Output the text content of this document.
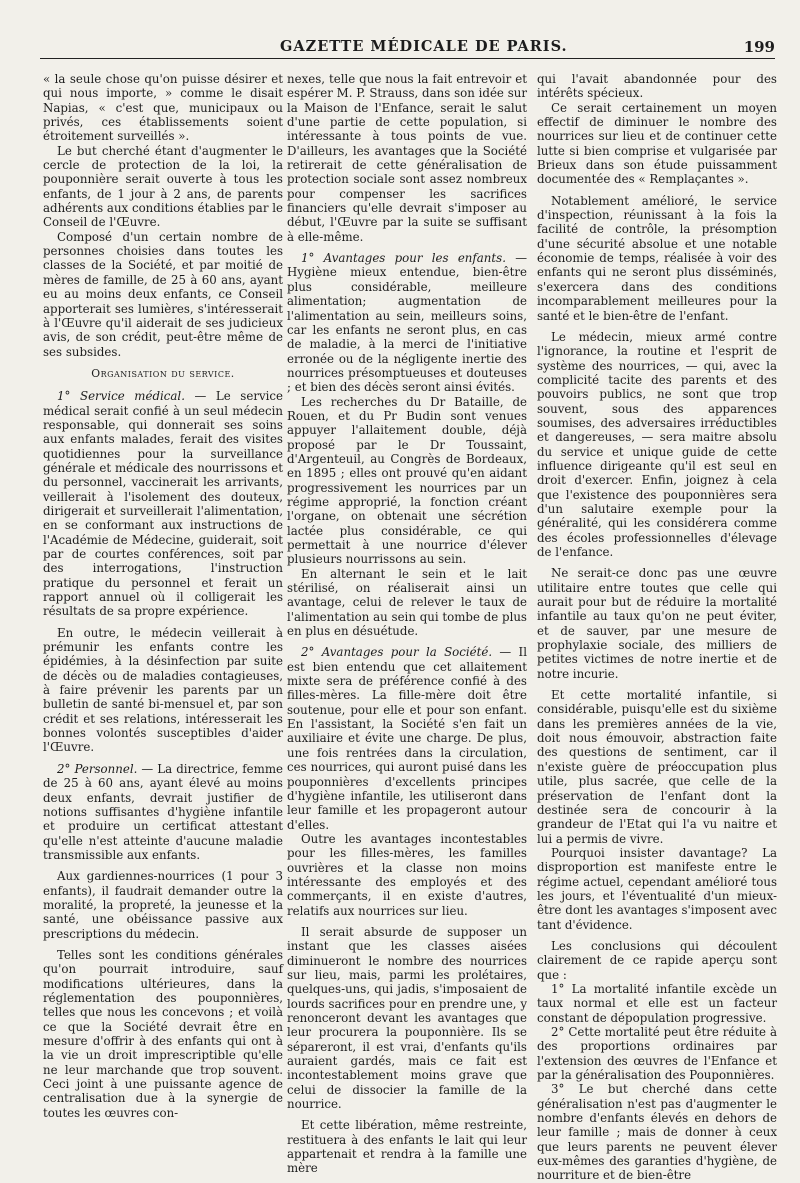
GAZETTE MÉDICALE DE PARIS.	199

« la seule chose qu'on puisse désirer et qui nous importe, » comme le disait Napias, « c'est que, municipaux ou privés, ces établissements soient étroitement surveillés ».

Le but cherché étant d'augmenter le cercle de protection de la loi, la pouponnière serait ouverte à tous les enfants, de 1 jour à 2 ans, de parents adhérents aux conditions établies par le Conseil de l'Œuvre.

Composé d'un certain nombre de personnes choisies dans toutes les classes de la Société, et par moitié de mères de famille, de 25 à 60 ans, ayant eu au moins deux enfants, ce Conseil apporterait ses lumières, s'intéresserait à l'Œuvre qu'il aiderait de ses judicieux avis, de son crédit, peut-être même de ses subsides.

Organisation du service.

1° Service médical. — Le service médical serait confié à un seul médecin responsable, qui donnerait ses soins aux enfants malades, ferait des visites quotidiennes pour la surveillance générale et médicale des nourrissons et du personnel, vaccinerait les arrivants, veillerait à l'isolement des douteux, dirigerait et surveillerait l'alimentation, en se conformant aux instructions de l'Académie de Médecine, guiderait, soit par de courtes conférences, soit par des interrogations, l'instruction pratique du personnel et ferait un rapport annuel où il colligerait les résultats de sa propre expérience.

En outre, le médecin veillerait à prémunir les enfants contre les épidémies, à la désinfection par suite de décès ou de maladies contagieuses, à faire prévenir les parents par un bulletin de santé bi-mensuel et, par son crédit et ses relations, intéresserait les bonnes volontés susceptibles d'aider l'Œuvre.

2° Personnel. — La directrice, femme de 25 à 60 ans, ayant élevé au moins deux enfants, devrait justifier de notions suffisantes d'hygiène infantile et produire un certificat attestant qu'elle n'est atteinte d'aucune maladie transmissible aux enfants.

Aux gardiennes-nourrices (1 pour 3 enfants), il faudrait demander outre la moralité, la propreté, la jeunesse et la santé, une obéissance passive aux prescriptions du médecin.

Telles sont les conditions générales qu'on pourrait introduire, sauf modifications ultérieures, dans la réglementation des pouponnières, telles que nous les concevons ; et voilà ce que la Société devrait être en mesure d'offrir à des enfants qui ont à la vie un droit imprescriptible qu'elle ne leur marchande que trop souvent. Ceci joint à une puissante agence de centralisation due à la synergie de toutes les œuvres con-

nexes, telle que nous la fait entrevoir et espérer M. P. Strauss, dans son idée sur la Maison de l'Enfance, serait le salut d'une partie de cette population, si intéressante à tous points de vue. D'ailleurs, les avantages que la Société retirerait de cette généralisation de protection sociale sont assez nombreux pour compenser les sacrifices financiers qu'elle devrait s'imposer au début, l'Œuvre par la suite se suffisant à elle-même.

1° Avantages pour les enfants. — Hygiène mieux entendue, bien-être plus considérable, meilleure alimentation; augmentation de l'alimentation au sein, meilleurs soins, car les enfants ne seront plus, en cas de maladie, à la merci de l'initiative erronée ou de la négligente inertie des nourrices présomptueuses et douteuses ; et bien des décès seront ainsi évités.

Les recherches du Dr Bataille, de Rouen, et du Pr Budin sont venues appuyer l'allaitement double, déjà proposé par le Dr Toussaint, d'Argenteuil, au Congrès de Bordeaux, en 1895 ; elles ont prouvé qu'en aidant progressivement les nourrices par un régime approprié, la fonction créant l'organe, on obtenait une sécrétion lactée plus considérable, ce qui permettait à une nourrice d'élever plusieurs nourrissons au sein.

En alternant le sein et le lait stérilisé, on réaliserait ainsi un avantage, celui de relever le taux de l'alimentation au sein qui tombe de plus en plus en désuétude.

2° Avantages pour la Société. — Il est bien entendu que cet allaitement mixte sera de préférence confié à des filles-mères. La fille-mère doit être soutenue, pour elle et pour son enfant. En l'assistant, la Société s'en fait un auxiliaire et évite une charge. De plus, une fois rentrées dans la circulation, ces nourrices, qui auront puisé dans les pouponnières d'excellents principes d'hygiène infantile, les utiliseront dans leur famille et les propageront autour d'elles.

Outre les avantages incontestables pour les filles-mères, les familles ouvrières et la classe non moins intéressante des employés et des commerçants, il en existe d'autres, relatifs aux nourrices sur lieu.

Il serait absurde de supposer un instant que les classes aisées diminueront le nombre des nourrices sur lieu, mais, parmi les prolétaires, quelques-uns, qui jadis, s'imposaient de lourds sacrifices pour en prendre une, y renonceront devant les avantages que leur procurera la pouponnière. Ils se sépareront, il est vrai, d'enfants qu'ils auraient gardés, mais ce fait est incontestablement moins grave que celui de dissocier la famille de la nourrice.

Et cette libération, même restreinte, restituera à des enfants le lait qui leur appartenait et rendra à la famille une mère

qui l'avait abandonnée pour des intérêts spécieux.

Ce serait certainement un moyen effectif de diminuer le nombre des nourrices sur lieu et de continuer cette lutte si bien comprise et vulgarisée par Brieux dans son étude puissamment documentée des « Remplaçantes ».

Notablement amélioré, le service d'inspection, réunissant à la fois la facilité de contrôle, la présomption d'une sécurité absolue et une notable économie de temps, réalisée à voir des enfants qui ne seront plus disséminés, s'exercera dans des conditions incomparablement meilleures pour la santé et le bien-être de l'enfant.

Le médecin, mieux armé contre l'ignorance, la routine et l'esprit de système des nourrices, — qui, avec la complicité tacite des parents et des pouvoirs publics, ne sont que trop souvent, sous des apparences soumises, des adversaires irréductibles et dangereuses, — sera maitre absolu du service et unique guide de cette influence dirigeante qu'il est seul en droit d'exercer. Enfin, joignez à cela que l'existence des pouponnières sera d'un salutaire exemple pour la généralité, qui les considérera comme des écoles professionnelles d'élevage de l'enfance.

Ne serait-ce donc pas une œuvre utilitaire entre toutes que celle qui aurait pour but de réduire la mortalité infantile au taux qu'on ne peut éviter, et de sauver, par une mesure de prophylaxie sociale, des milliers de petites victimes de notre inertie et de notre incurie.

Et cette mortalité infantile, si considérable, puisqu'elle est du sixième dans les premières années de la vie, doit nous émouvoir, abstraction faite des questions de sentiment, car il n'existe guère de préoccupation plus utile, plus sacrée, que celle de la préservation de l'enfant dont la destinée sera de concourir à la grandeur de l'Etat qui l'a vu naitre et lui a permis de vivre.

Pourquoi insister davantage? La disproportion est manifeste entre le régime actuel, cependant amélioré tous les jours, et l'éventualité d'un mieux-être dont les avantages s'imposent avec tant d'évidence.

Les conclusions qui découlent clairement de ce rapide aperçu sont que :

1° La mortalité infantile excède un taux normal et elle est un facteur constant de dépopulation progressive.

2° Cette mortalité peut être réduite à des proportions ordinaires par l'extension des œuvres de l'Enfance et par la généralisation des Pouponnières.

3° Le but cherché dans cette généralisation n'est pas d'augmenter le nombre d'enfants élevés en dehors de leur famille ; mais de donner à ceux que leurs parents ne peuvent élever eux-mêmes des garanties d'hygiène, de nourriture et de bien-être
